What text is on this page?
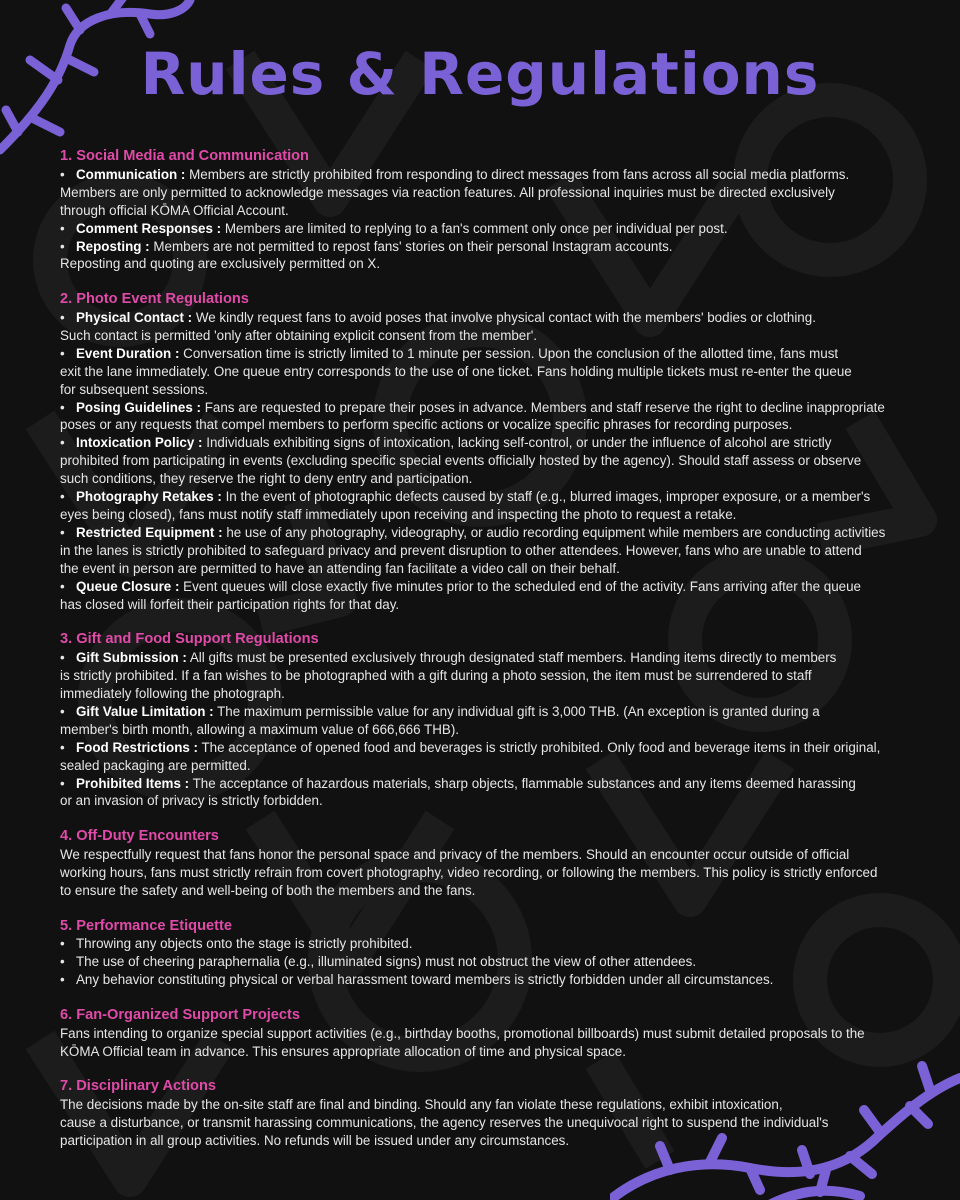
Rules & Regulations
1. Social Media and Communication

• Communication : Members are strictly prohibited from responding to direct messages from fans across all social media platforms.

Members are only permitted to acknowledge messages via reaction features. All professional inquiries must be directed exclusively

through official KŌMA Official Account.

• Comment Responses : Members are limited to replying to a fan's comment only once per individual per post.

• Reposting : Members are not permitted to repost fans' stories on their personal Instagram accounts.

Reposting and quoting are exclusively permitted on X.

2. Photo Event Regulations

• Physical Contact : We kindly request fans to avoid poses that involve physical contact with the members' bodies or clothing.

Such contact is permitted 'only after obtaining explicit consent from the member'.

• Event Duration : Conversation time is strictly limited to 1 minute per session. Upon the conclusion of the allotted time, fans must

exit the lane immediately. One queue entry corresponds to the use of one ticket. Fans holding multiple tickets must re-enter the queue

for subsequent sessions.

• Posing Guidelines : Fans are requested to prepare their poses in advance. Members and staff reserve the right to decline inappropriate

poses or any requests that compel members to perform specific actions or vocalize specific phrases for recording purposes.

• Intoxication Policy : Individuals exhibiting signs of intoxication, lacking self-control, or under the influence of alcohol are strictly

prohibited from participating in events (excluding specific special events officially hosted by the agency). Should staff assess or observe

such conditions, they reserve the right to deny entry and participation.

• Photography Retakes : In the event of photographic defects caused by staff (e.g., blurred images, improper exposure, or a member's

eyes being closed), fans must notify staff immediately upon receiving and inspecting the photo to request a retake.

• Restricted Equipment : he use of any photography, videography, or audio recording equipment while members are conducting activities

in the lanes is strictly prohibited to safeguard privacy and prevent disruption to other attendees. However, fans who are unable to attend

the event in person are permitted to have an attending fan facilitate a video call on their behalf.

• Queue Closure : Event queues will close exactly five minutes prior to the scheduled end of the activity. Fans arriving after the queue

has closed will forfeit their participation rights for that day.

3. Gift and Food Support Regulations

• Gift Submission : All gifts must be presented exclusively through designated staff members. Handing items directly to members

is strictly prohibited. If a fan wishes to be photographed with a gift during a photo session, the item must be surrendered to staff

immediately following the photograph.

• Gift Value Limitation : The maximum permissible value for any individual gift is 3,000 THB. (An exception is granted during a

member's birth month, allowing a maximum value of 666,666 THB).

• Food Restrictions : The acceptance of opened food and beverages is strictly prohibited. Only food and beverage items in their original,

sealed packaging are permitted.

• Prohibited Items : The acceptance of hazardous materials, sharp objects, flammable substances and any items deemed harassing

or an invasion of privacy is strictly forbidden.

4. Off-Duty Encounters

We respectfully request that fans honor the personal space and privacy of the members. Should an encounter occur outside of official

working hours, fans must strictly refrain from covert photography, video recording, or following the members. This policy is strictly enforced

to ensure the safety and well-being of both the members and the fans.

5. Performance Etiquette

• Throwing any objects onto the stage is strictly prohibited.

• The use of cheering paraphernalia (e.g., illuminated signs) must not obstruct the view of other attendees.

• Any behavior constituting physical or verbal harassment toward members is strictly forbidden under all circumstances.

6. Fan-Organized Support Projects

Fans intending to organize special support activities (e.g., birthday booths, promotional billboards) must submit detailed proposals to the

KŌMA Official team in advance. This ensures appropriate allocation of time and physical space.

7. Disciplinary Actions

The decisions made by the on-site staff are final and binding. Should any fan violate these regulations, exhibit intoxication,

cause a disturbance, or transmit harassing communications, the agency reserves the unequivocal right to suspend the individual's

participation in all group activities. No refunds will be issued under any circumstances.
